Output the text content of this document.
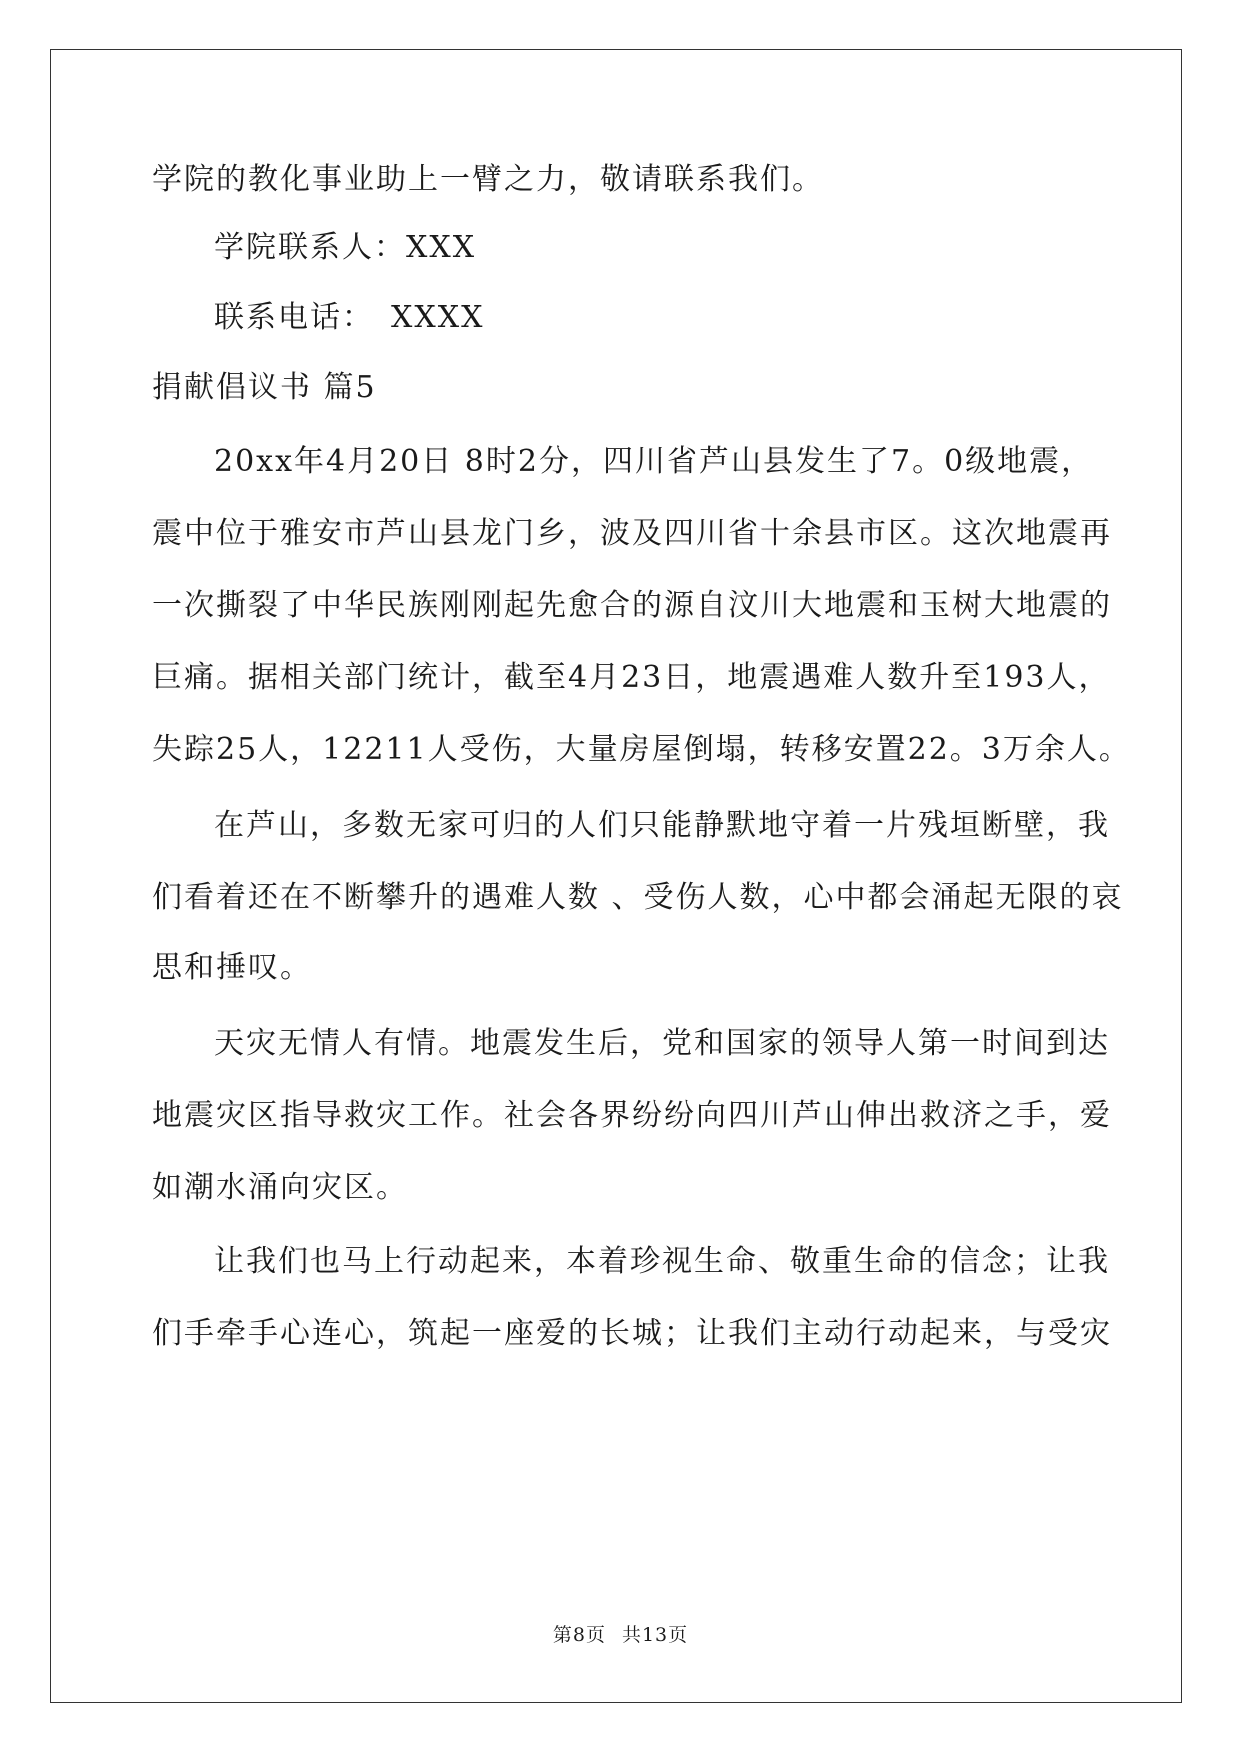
学院的教化事业助上一臂之力，敬请联系我们。
学院联系人：XXX
联系电话：　XXXX
捐献倡议书 篇5
20xx年4月20日 8时2分，四川省芦山县发生了7。0级地震，
震中位于雅安市芦山县龙门乡，波及四川省十余县市区。这次地震再
一次撕裂了中华民族刚刚起先愈合的源自汶川大地震和玉树大地震的
巨痛。据相关部门统计，截至4月23日，地震遇难人数升至193人，
失踪25人，12211人受伤，大量房屋倒塌，转移安置22。3万余人。
在芦山，多数无家可归的人们只能静默地守着一片残垣断壁，我
们看着还在不断攀升的遇难人数 、受伤人数，心中都会涌起无限的哀
思和捶叹。
天灾无情人有情。地震发生后，党和国家的领导人第一时间到达
地震灾区指导救灾工作。社会各界纷纷向四川芦山伸出救济之手，爱
如潮水涌向灾区。
让我们也马上行动起来，本着珍视生命、敬重生命的信念；让我
们手牵手心连心，筑起一座爱的长城；让我们主动行动起来，与受灾
第8页 共13页
